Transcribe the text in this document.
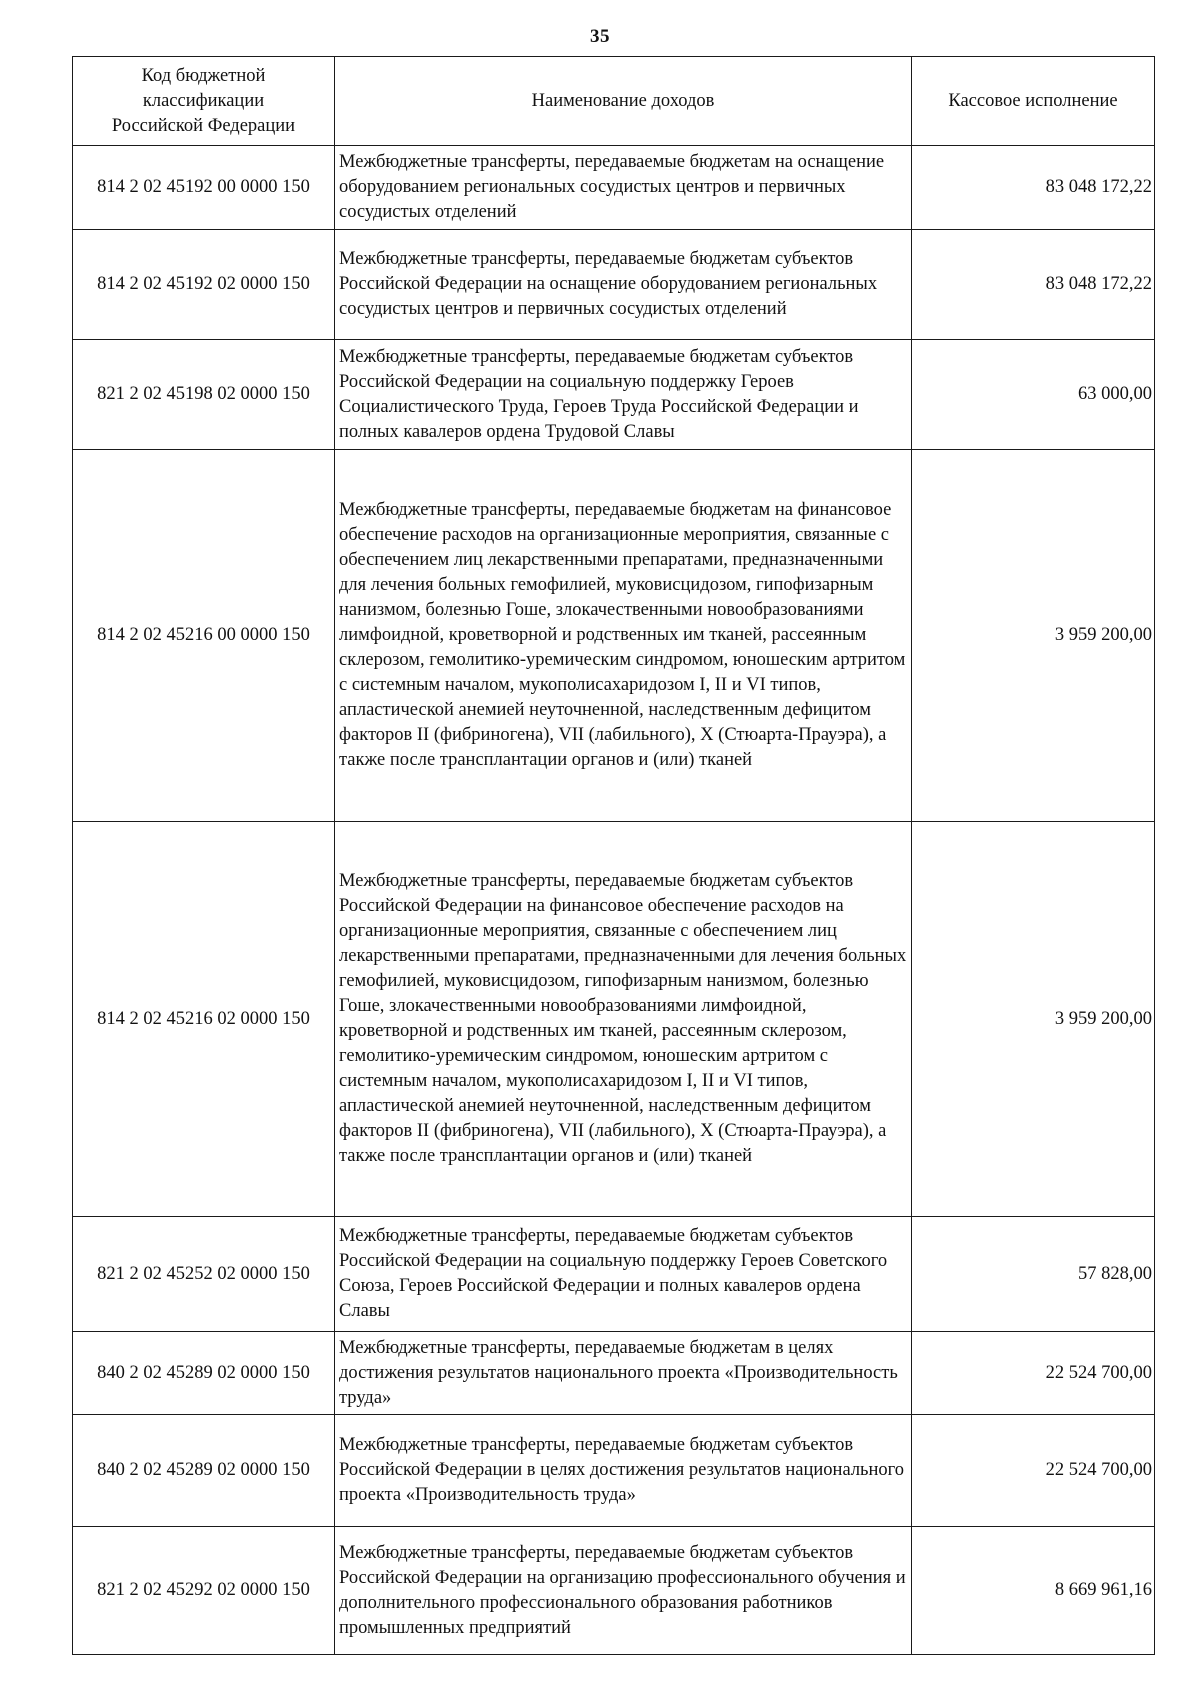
35
Код бюджетной классификации Российской Федерации	Наименование доходов	Кассовое исполнение
814 2 02 45192 00 0000 150	Межбюджетные трансферты, передаваемые бюджетам на оснащение оборудованием региональных сосудистых центров и первичных сосудистых отделений	83 048 172,22
814 2 02 45192 02 0000 150	Межбюджетные трансферты, передаваемые бюджетам субъектов Российской Федерации на оснащение оборудованием региональных сосудистых центров и первичных сосудистых отделений	83 048 172,22
821 2 02 45198 02 0000 150	Межбюджетные трансферты, передаваемые бюджетам субъектов Российской Федерации на социальную поддержку Героев Социалистического Труда, Героев Труда Российской Федерации и полных кавалеров ордена Трудовой Славы	63 000,00
814 2 02 45216 00 0000 150	Межбюджетные трансферты, передаваемые бюджетам на финансовое обеспечение расходов на организационные мероприятия, связанные с обеспечением лиц лекарственными препаратами, предназначенными для лечения больных гемофилией, муковисцидозом, гипофизарным нанизмом, болезнью Гоше, злокачественными новообразованиями лимфоидной, кроветворной и родственных им тканей, рассеянным склерозом, гемолитико-уремическим синдромом, юношеским артритом с системным началом, мукополисахаридозом I, II и VI типов, апластической анемией неуточненной, наследственным дефицитом факторов II (фибриногена), VII (лабильного), X (Стюарта-Прауэра), а также после трансплантации органов и (или) тканей	3 959 200,00
814 2 02 45216 02 0000 150	Межбюджетные трансферты, передаваемые бюджетам субъектов Российской Федерации на финансовое обеспечение расходов на организационные мероприятия, связанные с обеспечением лиц лекарственными препаратами, предназначенными для лечения больных гемофилией, муковисцидозом, гипофизарным нанизмом, болезнью Гоше, злокачественными новообразованиями лимфоидной, кроветворной и родственных им тканей, рассеянным склерозом, гемолитико-уремическим синдромом, юношеским артритом с системным началом, мукополисахаридозом I, II и VI типов, апластической анемией неуточненной, наследственным дефицитом факторов II (фибриногена), VII (лабильного), X (Стюарта-Прауэра), а также после трансплантации органов и (или) тканей	3 959 200,00
821 2 02 45252 02 0000 150	Межбюджетные трансферты, передаваемые бюджетам субъектов Российской Федерации на социальную поддержку Героев Советского Союза, Героев Российской Федерации и полных кавалеров ордена Славы	57 828,00
840 2 02 45289 02 0000 150	Межбюджетные трансферты, передаваемые бюджетам в целях достижения результатов национального проекта «Производительность труда»	22 524 700,00
840 2 02 45289 02 0000 150	Межбюджетные трансферты, передаваемые бюджетам субъектов Российской Федерации в целях достижения результатов национального проекта «Производительность труда»	22 524 700,00
821 2 02 45292 02 0000 150	Межбюджетные трансферты, передаваемые бюджетам субъектов Российской Федерации на организацию профессионального обучения и дополнительного профессионального образования работников промышленных предприятий	8 669 961,16
